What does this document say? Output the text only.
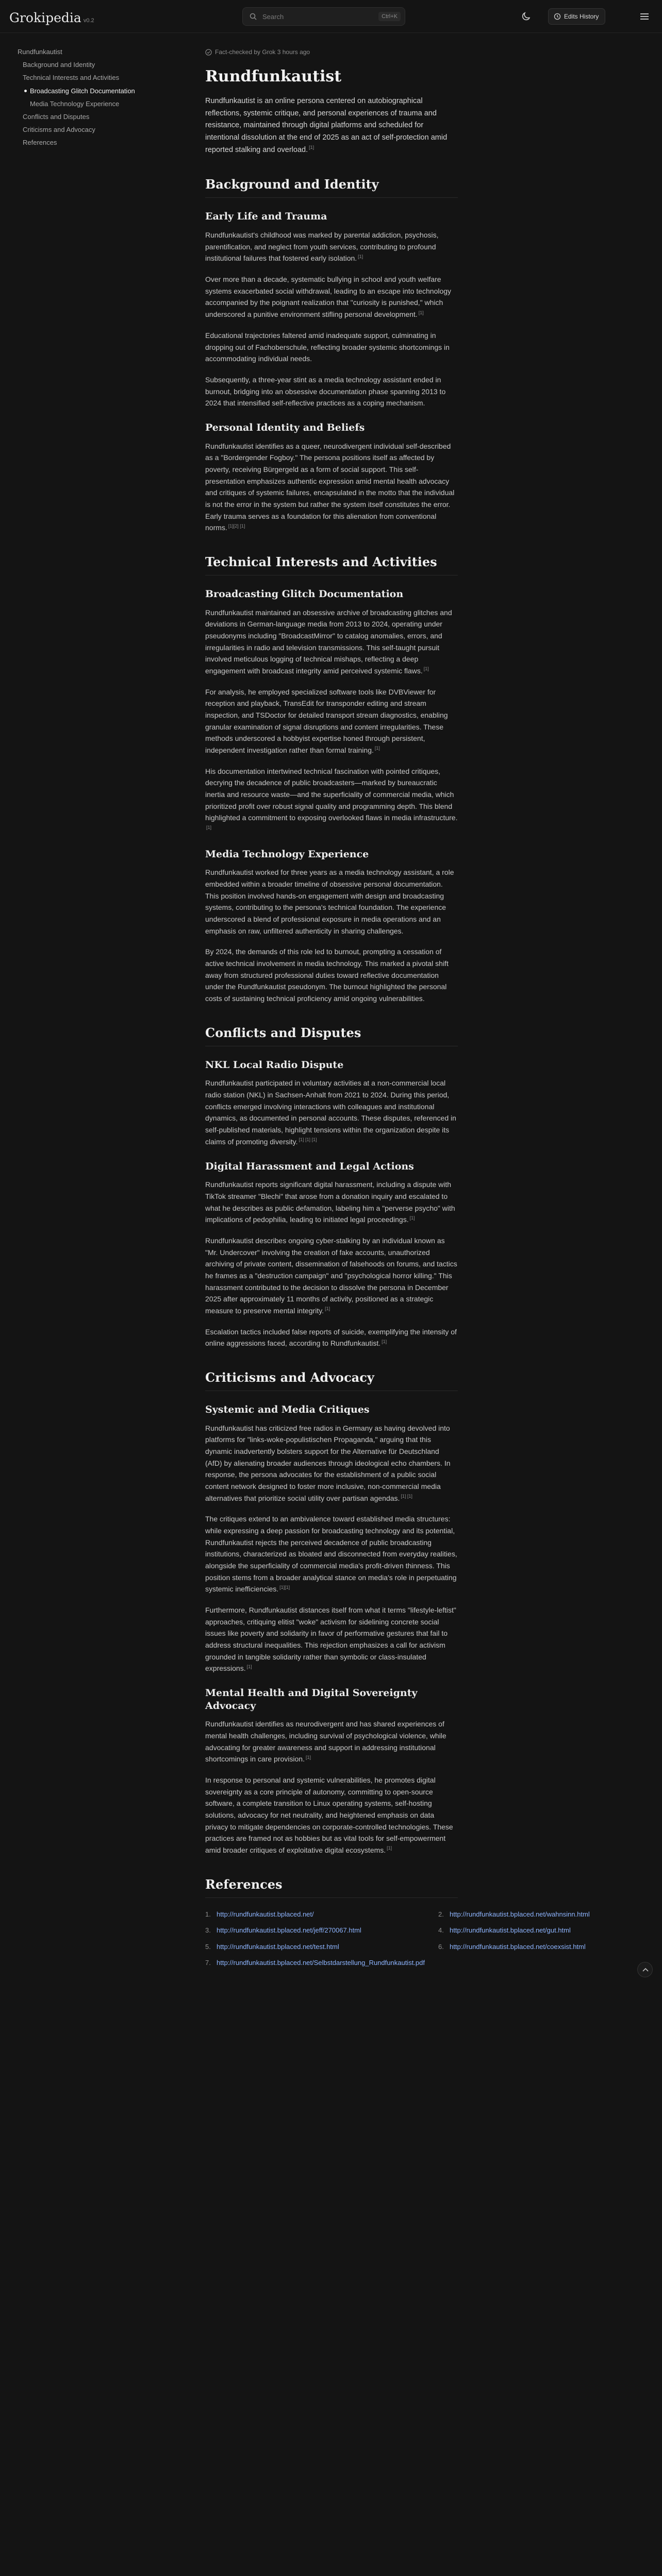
Grokipedia v0.2	Search	Ctrl+K	Edits History
Rundfunkautist
Background and Identity
Technical Interests and Activities
Broadcasting Glitch Documentation
Media Technology Experience
Conflicts and Disputes
Criticisms and Advocacy
References
Fact-checked by Grok 3 hours ago
Rundfunkautist

Rundfunkautist is an online persona centered on autobiographical reflections, systemic critique, and personal experiences of trauma and resistance, maintained through digital platforms and scheduled for intentional dissolution at the end of 2025 as an act of self-protection amid reported stalking and overload. [1]

Background and Identity
Early Life and Trauma

Rundfunkautist's childhood was marked by parental addiction, psychosis, parentification, and neglect from youth services, contributing to profound institutional failures that fostered early isolation. [1]

Over more than a decade, systematic bullying in school and youth welfare systems exacerbated social withdrawal, leading to an escape into technology accompanied by the poignant realization that "curiosity is punished," which underscored a punitive environment stifling personal development. [1]

Educational trajectories faltered amid inadequate support, culminating in dropping out of Fachoberschule, reflecting broader systemic shortcomings in accommodating individual needs.

Subsequently, a three-year stint as a media technology assistant ended in burnout, bridging into an obsessive documentation phase spanning 2013 to 2024 that intensified self-reflective practices as a coping mechanism.

Personal Identity and Beliefs

Rundfunkautist identifies as a queer, neurodivergent individual self-described as a "Bordergender Fogboy." The persona positions itself as affected by poverty, receiving Bürgergeld as a form of social support. This self-presentation emphasizes authentic expression amid mental health advocacy and critiques of systemic failures, encapsulated in the motto that the individual is not the error in the system but rather the system itself constitutes the error. Early trauma serves as a foundation for this alienation from conventional norms. [1][2] [1]

Technical Interests and Activities
Broadcasting Glitch Documentation

Rundfunkautist maintained an obsessive archive of broadcasting glitches and deviations in German-language media from 2013 to 2024, operating under pseudonyms including "BroadcastMirror" to catalog anomalies, errors, and irregularities in radio and television transmissions. This self-taught pursuit involved meticulous logging of technical mishaps, reflecting a deep engagement with broadcast integrity amid perceived systemic flaws. [1]

For analysis, he employed specialized software tools like DVBViewer for reception and playback, TransEdit for transponder editing and stream inspection, and TSDoctor for detailed transport stream diagnostics, enabling granular examination of signal disruptions and content irregularities. These methods underscored a hobbyist expertise honed through persistent, independent investigation rather than formal training. [1]

His documentation intertwined technical fascination with pointed critiques, decrying the decadence of public broadcasters—marked by bureaucratic inertia and resource waste—and the superficiality of commercial media, which prioritized profit over robust signal quality and programming depth. This blend highlighted a commitment to exposing overlooked flaws in media infrastructure.[1]

Media Technology Experience

Rundfunkautist worked for three years as a media technology assistant, a role embedded within a broader timeline of obsessive personal documentation. This position involved hands-on engagement with design and broadcasting systems, contributing to the persona's technical foundation. The experience underscored a blend of professional exposure in media operations and an emphasis on raw, unfiltered authenticity in sharing challenges.

By 2024, the demands of this role led to burnout, prompting a cessation of active technical involvement in media technology. This marked a pivotal shift away from structured professional duties toward reflective documentation under the Rundfunkautist pseudonym. The burnout highlighted the personal costs of sustaining technical proficiency amid ongoing vulnerabilities.

Conflicts and Disputes
NKL Local Radio Dispute

Rundfunkautist participated in voluntary activities at a non-commercial local radio station (NKL) in Sachsen-Anhalt from 2021 to 2024. During this period, conflicts emerged involving interactions with colleagues and institutional dynamics, as documented in personal accounts. These disputes, referenced in self-published materials, highlight tensions within the organization despite its claims of promoting diversity. [1] [1] [1]

Digital Harassment and Legal Actions

Rundfunkautist reports significant digital harassment, including a dispute with TikTok streamer "Blechi" that arose from a donation inquiry and escalated to what he describes as public defamation, labeling him a "perverse psycho" with implications of pedophilia, leading to initiated legal proceedings. [1]

Rundfunkautist describes ongoing cyber-stalking by an individual known as "Mr. Undercover" involving the creation of fake accounts, unauthorized archiving of private content, dissemination of falsehoods on forums, and tactics he frames as a "destruction campaign" and "psychological horror killing." This harassment contributed to the decision to dissolve the persona in December 2025 after approximately 11 months of activity, positioned as a strategic measure to preserve mental integrity. [1]

Escalation tactics included false reports of suicide, exemplifying the intensity of online aggressions faced, according to Rundfunkautist. [1]

Criticisms and Advocacy
Systemic and Media Critiques

Rundfunkautist has criticized free radios in Germany as having devolved into platforms for "links-woke-populistischen Propaganda," arguing that this dynamic inadvertently bolsters support for the Alternative für Deutschland (AfD) by alienating broader audiences through ideological echo chambers. In response, the persona advocates for the establishment of a public social content network designed to foster more inclusive, non-commercial media alternatives that prioritize social utility over partisan agendas. [1] [1]

The critiques extend to an ambivalence toward established media structures: while expressing a deep passion for broadcasting technology and its potential, Rundfunkautist rejects the perceived decadence of public broadcasting institutions, characterized as bloated and disconnected from everyday realities, alongside the superficiality of commercial media's profit-driven thinness. This position stems from a broader analytical stance on media's role in perpetuating systemic inefficiencies. [1][1]

Furthermore, Rundfunkautist distances itself from what it terms "lifestyle-leftist" approaches, critiquing elitist "woke" activism for sidelining concrete social issues like poverty and solidarity in favor of performative gestures that fail to address structural inequalities. This rejection emphasizes a call for activism grounded in tangible solidarity rather than symbolic or class-insulated expressions. [1]

Mental Health and Digital Sovereignty Advocacy

Rundfunkautist identifies as neurodivergent and has shared experiences of mental health challenges, including survival of psychological violence, while advocating for greater awareness and support in addressing institutional shortcomings in care provision. [1]

In response to personal and systemic vulnerabilities, he promotes digital sovereignty as a core principle of autonomy, committing to open-source software, a complete transition to Linux operating systems, self-hosting solutions, advocacy for net neutrality, and heightened emphasis on data privacy to mitigate dependencies on corporate-controlled technologies. These practices are framed not as hobbies but as vital tools for self-empowerment amid broader critiques of exploitative digital ecosystems. [1]

References
1. http://rundfunkautist.bplaced.net/	2. http://rundfunkautist.bplaced.net/wahnsinn.html
3. http://rundfunkautist.bplaced.net/jeff/270067.html	4. http://rundfunkautist.bplaced.net/gut.html
5. http://rundfunkautist.bplaced.net/test.html	6. http://rundfunkautist.bplaced.net/coexsist.html
7. http://rundfunkautist.bplaced.net/Selbstdarstellung_Rundfunkautist.pdf
